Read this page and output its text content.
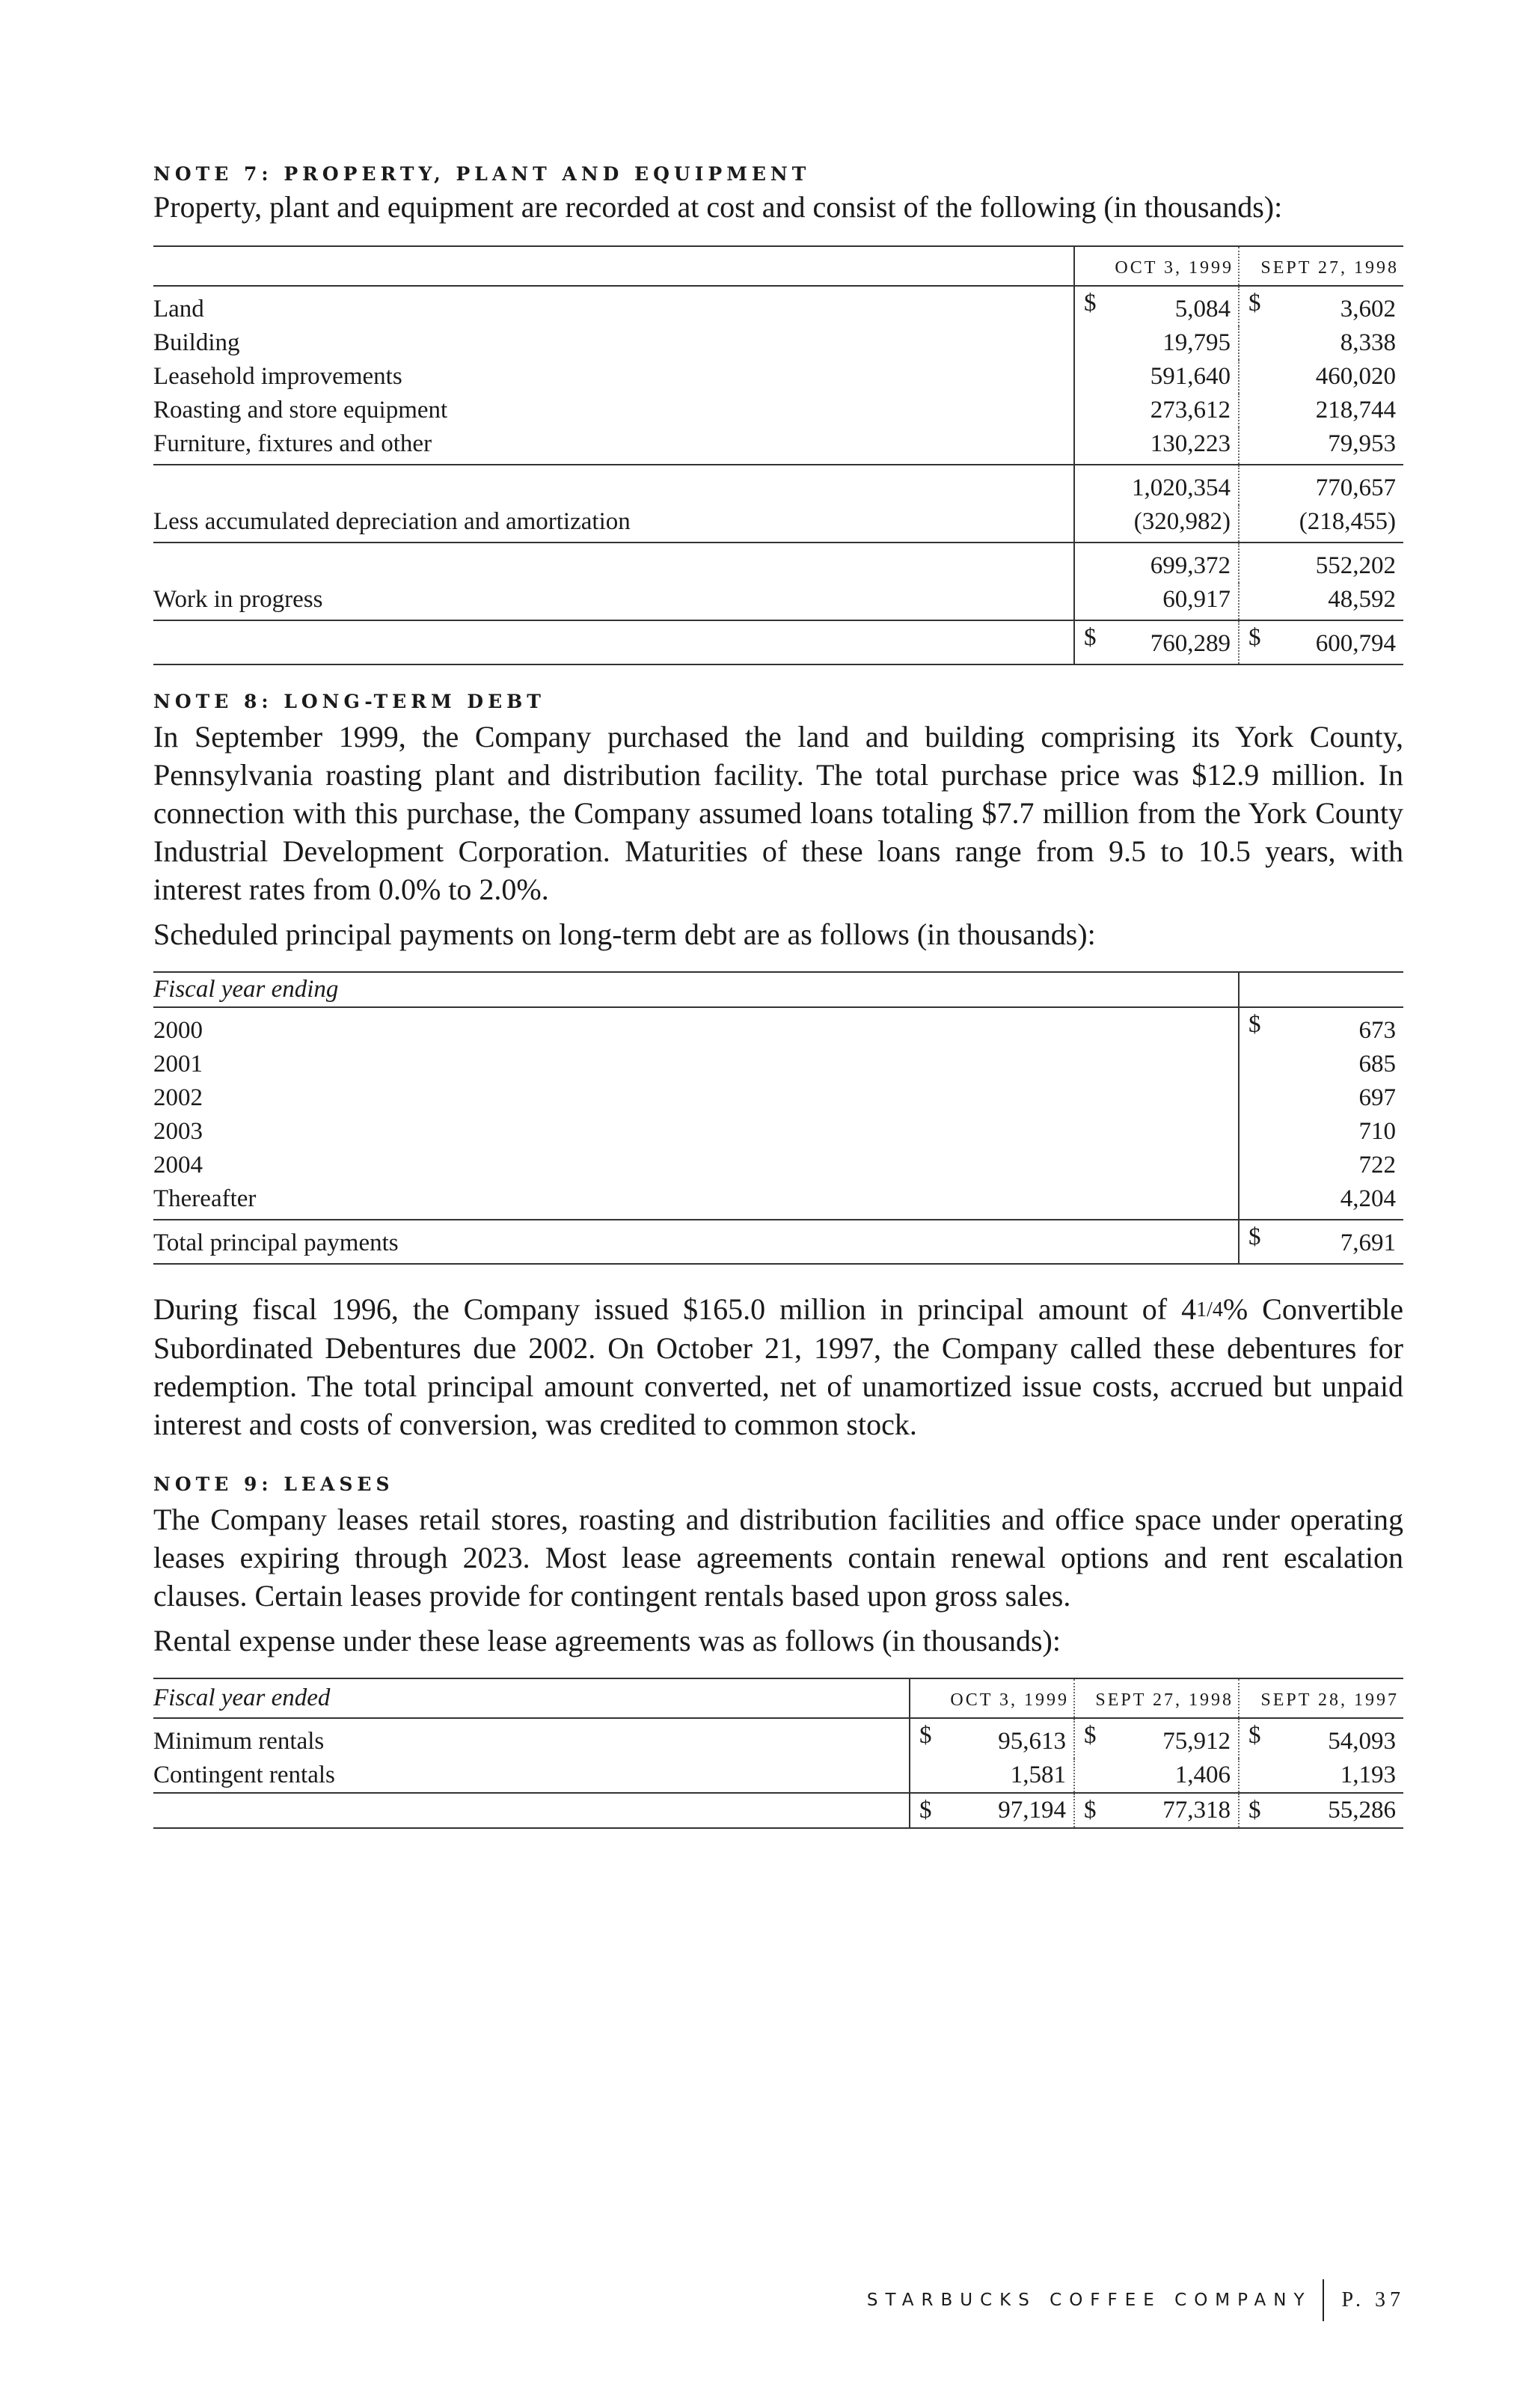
NOTE 7: PROPERTY, PLANT AND EQUIPMENT
Property, plant and equipment are recorded at cost and consist of the following (in thousands):
	OCT 3, 1999	SEPT 27, 1998
Land	$ 5,084	$ 3,602
Building	19,795	8,338
Leasehold improvements	591,640	460,020
Roasting and store equipment	273,612	218,744
Furniture, fixtures and other	130,223	79,953
	1,020,354	770,657
Less accumulated depreciation and amortization	(320,982)	(218,455)
	699,372	552,202
Work in progress	60,917	48,592

	$ 760,289	$ 600,794
NOTE 8: LONG-TERM DEBT

In September 1999, the Company purchased the land and building comprising its York County, Pennsylvania roasting plant and distribution facility. The total purchase price was $12.9 million. In connection with this purchase, the Company assumed loans totaling $7.7 million from the York County Industrial Development Corporation. Maturities of these loans range from 9.5 to 10.5 years, with interest rates from 0.0% to 2.0%.

Scheduled principal payments on long-term debt are as follows (in thousands):
Fiscal year ending	
2000	$ 673
2001	685
2002	697
2003	710
2004	722
Thereafter	4,204
Total principal payments	$ 7,691

During fiscal 1996, the Company issued $165.0 million in principal amount of 41/4% Convertible Subordinated Debentures due 2002. On October 21, 1997, the Company called these debentures for redemption. The total principal amount converted, net of unamortized issue costs, accrued but unpaid interest and costs of conversion, was credited to common stock.

NOTE 9: LEASES

The Company leases retail stores, roasting and distribution facilities and office space under operating leases expiring through 2023. Most lease agreements contain renewal options and rent escalation clauses. Certain leases provide for contingent rentals based upon gross sales.

Rental expense under these lease agreements was as follows (in thousands):
Fiscal year ended	OCT 3, 1999	SEPT 27, 1998	SEPT 28, 1997
Minimum rentals	$ 95,613	$ 75,912	$ 54,093
Contingent rentals	1,581	1,406	1,193

	$ 97,194	$ 77,318	$ 55,286
STARBUCKS COFFEE COMPANY P. 37
